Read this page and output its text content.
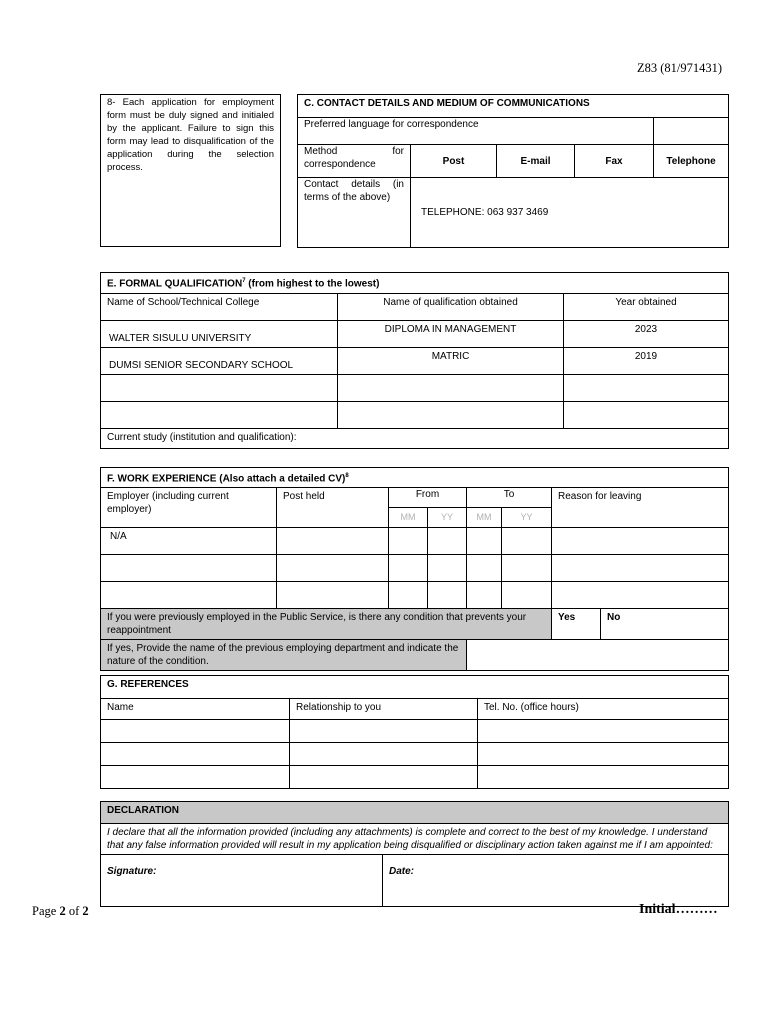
Z83 (81/971431)
8- Each application for employment form must be duly signed and initialed by the applicant. Failure to sign this form may lead to disqualification of the application during the selection process.
C. CONTACT DETAILS AND MEDIUM OF COMMUNICATIONS				
Preferred language for correspondence				
Method for correspondence	Post	E-mail	Fax	Telephone
Contact details (in terms of the above)	TELEPHONE: 063 937 3469			
E. FORMAL QUALIFICATION$^7$ (from highest to the lowest)		
Name of School/Technical College	Name of qualification obtained	Year obtained
WALTER SISULU UNIVERSITY	DIPLOMA IN MANAGEMENT	2023
DUMSI SENIOR SECONDARY SCHOOL	MATRIC	2019

Current study (institution and qualification):		
F. WORK EXPERIENCE (Also attach a detailed CV)$^8$
Employer (including current employer)	Post held	From		To		Reason for leaving	
		MM	YY	MM	YY		
N/A							

If you were previously employed in the Public Service, is there any condition that prevents your reappointment						Yes	No
If yes, Provide the name of the previous employing department and indicate the nature of the condition.							
G. REFERENCES		
Name	Relationship to you	Tel. No. (office hours)

DECLARATION
I declare that all the information provided (including any attachments) is complete and correct to the best of my knowledge. I understand that any false information provided will result in my application being disqualified or disciplinary action taken against me if I am appointed:
Signature:	Date:
Page 2 of 2	Initial………
